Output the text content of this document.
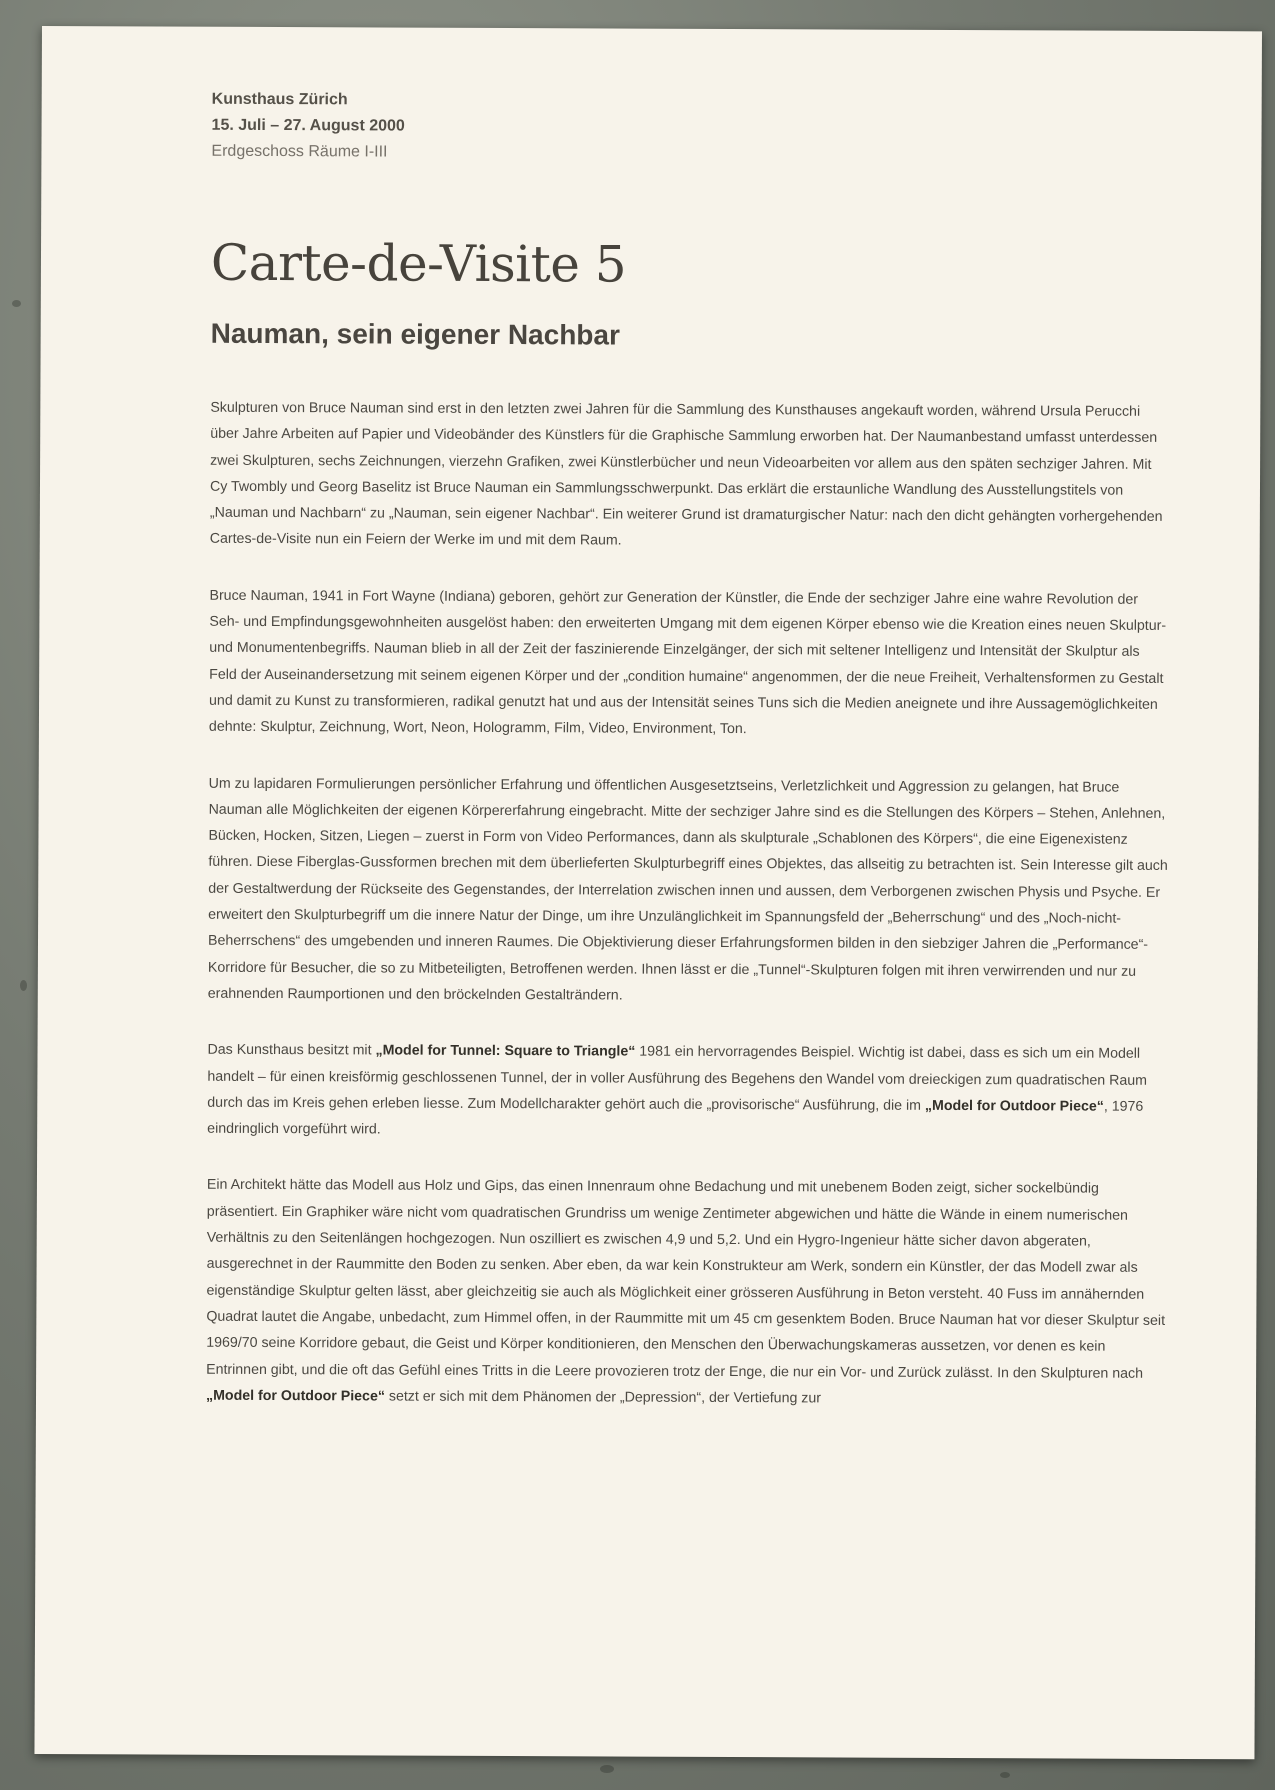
Kunsthaus Zürich
15. Juli – 27. August 2000
Erdgeschoss Räume I-III
Carte-de-Visite 5
Nauman, sein eigener Nachbar

Skulpturen von Bruce Nauman sind erst in den letzten zwei Jahren für die Sammlung des Kunsthauses angekauft worden, während Ursula Perucchi über Jahre Arbeiten auf Papier und Videobänder des Künstlers für die Graphische Sammlung erworben hat. Der Naumanbestand umfasst unterdessen zwei Skulpturen, sechs Zeichnungen, vierzehn Grafiken, zwei Künstlerbücher und neun Videoarbeiten vor allem aus den späten sechziger Jahren. Mit Cy Twombly und Georg Baselitz ist Bruce Nauman ein Sammlungsschwerpunkt. Das erklärt die erstaunliche Wandlung des Ausstellungstitels von „Nauman und Nachbarn“ zu „Nauman, sein eigener Nachbar“. Ein weiterer Grund ist dramaturgischer Natur: nach den dicht gehängten vorhergehenden Cartes-de-Visite nun ein Feiern der Werke im und mit dem Raum.

Bruce Nauman, 1941 in Fort Wayne (Indiana) geboren, gehört zur Generation der Künstler, die Ende der sechziger Jahre eine wahre Revolution der Seh- und Empfindungsgewohnheiten ausgelöst haben: den erweiterten Umgang mit dem eigenen Körper ebenso wie die Kreation eines neuen Skulptur- und Monumentenbegriffs. Nauman blieb in all der Zeit der faszinierende Einzelgänger, der sich mit seltener Intelligenz und Intensität der Skulptur als Feld der Auseinandersetzung mit seinem eigenen Körper und der „condition humaine“ angenommen, der die neue Freiheit, Verhaltensformen zu Gestalt und damit zu Kunst zu transformieren, radikal genutzt hat und aus der Intensität seines Tuns sich die Medien aneignete und ihre Aussagemöglichkeiten dehnte: Skulptur, Zeichnung, Wort, Neon, Hologramm, Film, Video, Environment, Ton.

Um zu lapidaren Formulierungen persönlicher Erfahrung und öffentlichen Ausgesetztseins, Verletzlichkeit und Aggression zu gelangen, hat Bruce Nauman alle Möglichkeiten der eigenen Körpererfahrung eingebracht. Mitte der sechziger Jahre sind es die Stellungen des Körpers – Stehen, Anlehnen, Bücken, Hocken, Sitzen, Liegen – zuerst in Form von Video Performances, dann als skulpturale „Schablonen des Körpers“, die eine Eigenexistenz führen. Diese Fiberglas-Gussformen brechen mit dem überlieferten Skulpturbegriff eines Objektes, das allseitig zu betrachten ist. Sein Interesse gilt auch der Gestaltwerdung der Rückseite des Gegenstandes, der Interrelation zwischen innen und aussen, dem Verborgenen zwischen Physis und Psyche. Er erweitert den Skulpturbegriff um die innere Natur der Dinge, um ihre Unzulänglichkeit im Spannungsfeld der „Beherrschung“ und des „Noch-nicht-Beherrschens“ des umgebenden und inneren Raumes. Die Objektivierung dieser Erfahrungsformen bilden in den siebziger Jahren die „Performance“-Korridore für Besucher, die so zu Mitbeteiligten, Betroffenen werden. Ihnen lässt er die „Tunnel“-Skulpturen folgen mit ihren verwirrenden und nur zu erahnenden Raumportionen und den bröckelnden Gestalträndern.

Das Kunsthaus besitzt mit „Model for Tunnel: Square to Triangle“ 1981 ein hervorragendes Beispiel. Wichtig ist dabei, dass es sich um ein Modell handelt – für einen kreisförmig geschlossenen Tunnel, der in voller Ausführung des Begehens den Wandel vom dreieckigen zum quadratischen Raum durch das im Kreis gehen erleben liesse. Zum Modellcharakter gehört auch die „provisorische“ Ausführung, die im „Model for Outdoor Piece“, 1976 eindringlich vorgeführt wird.

Ein Architekt hätte das Modell aus Holz und Gips, das einen Innenraum ohne Bedachung und mit unebenem Boden zeigt, sicher sockelbündig präsentiert. Ein Graphiker wäre nicht vom quadratischen Grundriss um wenige Zentimeter abgewichen und hätte die Wände in einem numerischen Verhältnis zu den Seitenlängen hochgezogen. Nun oszilliert es zwischen 4,9 und 5,2. Und ein Hygro-Ingenieur hätte sicher davon abgeraten, ausgerechnet in der Raummitte den Boden zu senken. Aber eben, da war kein Konstrukteur am Werk, sondern ein Künstler, der das Modell zwar als eigenständige Skulptur gelten lässt, aber gleichzeitig sie auch als Möglichkeit einer grösseren Ausführung in Beton versteht. 40 Fuss im annähernden Quadrat lautet die Angabe, unbedacht, zum Himmel offen, in der Raummitte mit um 45 cm gesenktem Boden. Bruce Nauman hat vor dieser Skulptur seit 1969/70 seine Korridore gebaut, die Geist und Körper konditionieren, den Menschen den Überwachungskameras aussetzen, vor denen es kein Entrinnen gibt, und die oft das Gefühl eines Tritts in die Leere provozieren trotz der Enge, die nur ein Vor- und Zurück zulässt. In den Skulpturen nach „Model for Outdoor Piece“ setzt er sich mit dem Phänomen der „Depression“, der Vertiefung zur
